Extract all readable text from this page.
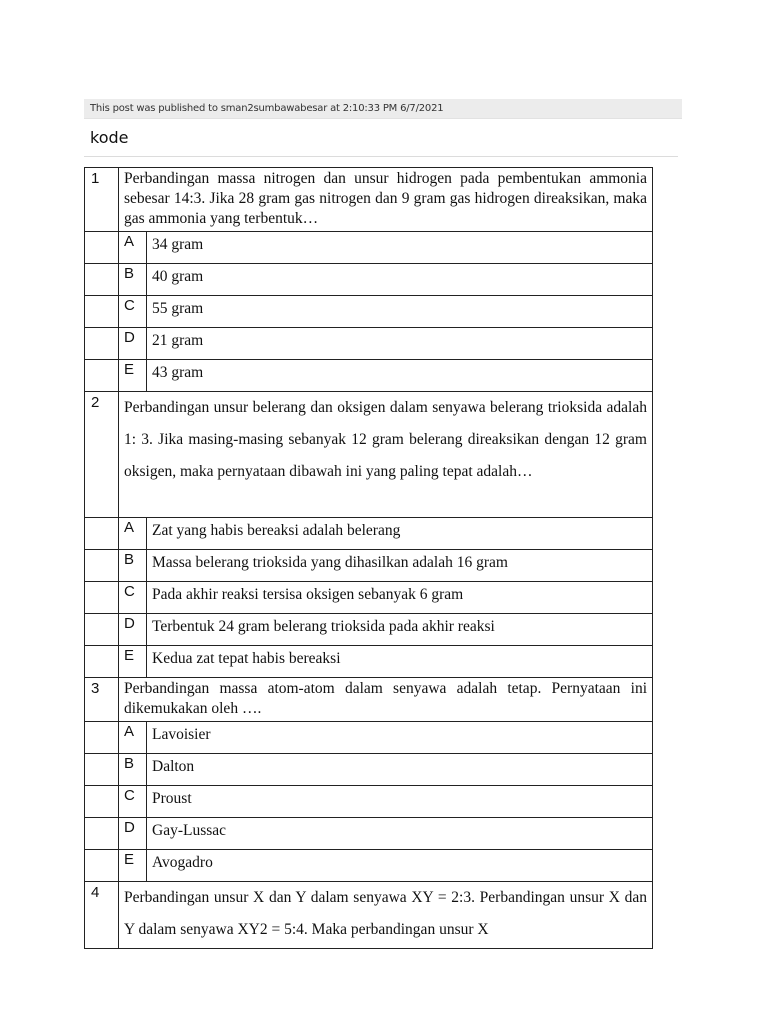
This post was published to sman2sumbawabesar at 2:10:33 PM 6/7/2021
kode
1	Perbandingan massa nitrogen dan unsur hidrogen pada pembentukan ammonia sebesar 14:3. Jika 28 gram gas nitrogen dan 9 gram gas hidrogen direaksikan, maka gas ammonia yang terbentuk…	
	A	34 gram
	B	40 gram
	C	55 gram
	D	21 gram
	E	43 gram
2	Perbandingan unsur belerang dan oksigen dalam senyawa belerang trioksida adalah 1: 3. Jika masing-masing sebanyak 12 gram belerang direaksikan dengan 12 gram oksigen, maka pernyataan dibawah ini yang paling tepat adalah…	
	A	Zat yang habis bereaksi adalah belerang
	B	Massa belerang trioksida yang dihasilkan adalah 16 gram
	C	Pada akhir reaksi tersisa oksigen sebanyak 6 gram
	D	Terbentuk 24 gram belerang trioksida pada akhir reaksi
	E	Kedua zat tepat habis bereaksi
3	Perbandingan massa atom-atom dalam senyawa adalah tetap. Pernyataan ini dikemukakan oleh ….	
	A	Lavoisier
	B	Dalton
	C	Proust
	D	Gay-Lussac
	E	Avogadro
4	Perbandingan unsur X dan Y dalam senyawa XY = 2:3. Perbandingan unsur X dan Y dalam senyawa XY2 = 5:4. Maka perbandingan unsur X	
